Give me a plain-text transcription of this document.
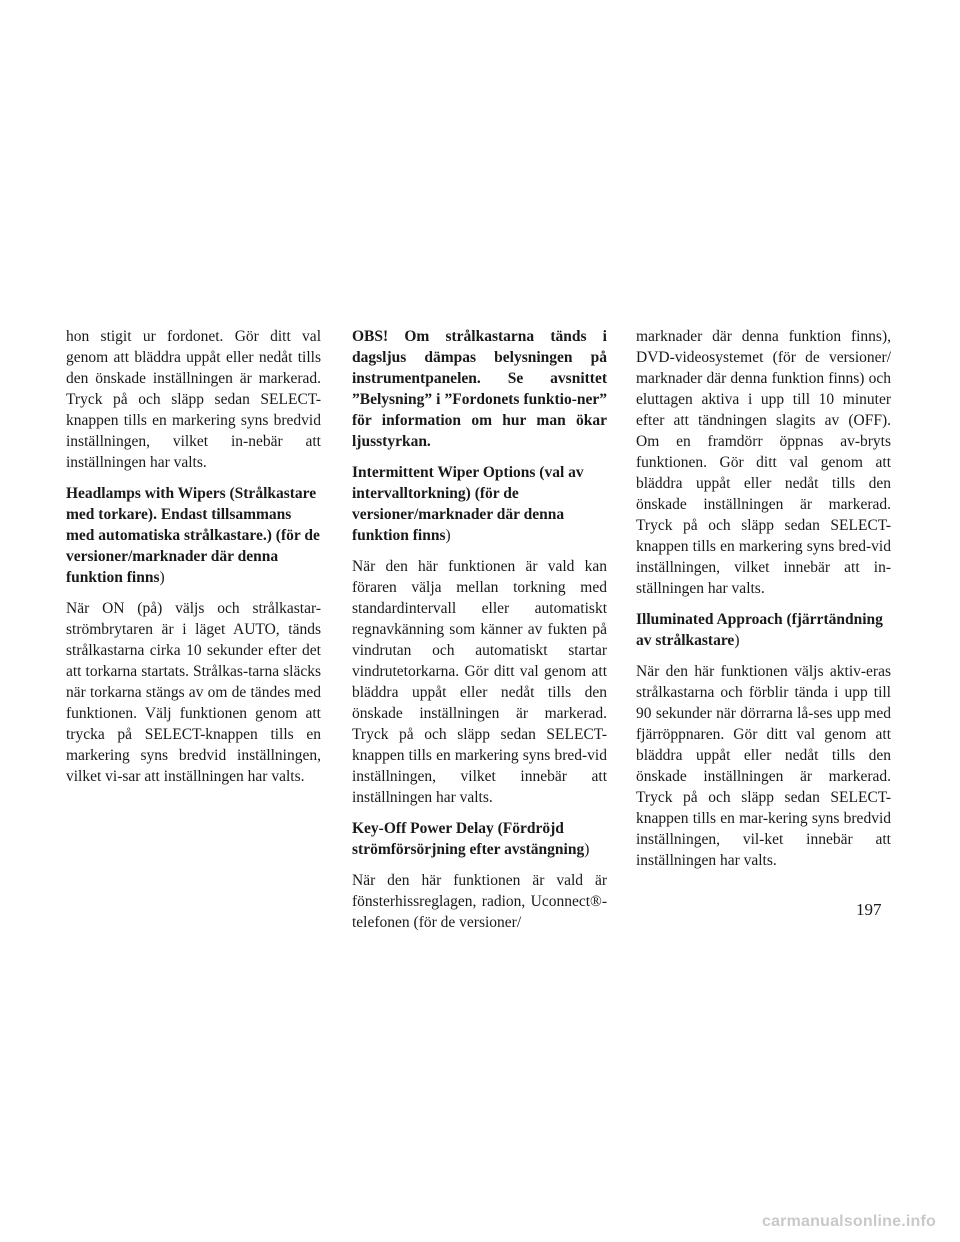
hon stigit ur fordonet. Gör ditt val genom att bläddra uppåt eller nedåt tills den önskade inställningen är markerad. Tryck på och släpp sedan SELECT-knappen tills en markering syns bredvid inställningen, vilket in-nebär att inställningen har valts.

Headlamps with Wipers (Strålkastare med torkare). Endast tillsammans med automatiska strålkastare.) (för de versioner/marknader där denna funktion finns)

När ON (på) väljs och strålkastar-strömbrytaren är i läget AUTO, tänds strålkastarna cirka 10 sekunder efter det att torkarna startats. Strålkas-tarna släcks när torkarna stängs av om de tändes med funktionen. Välj funktionen genom att trycka på SELECT-knappen tills en markering syns bredvid inställningen, vilket vi-sar att inställningen har valts.

OBS! Om strålkastarna tänds i dagsljus dämpas belysningen på instrumentpanelen. Se avsnittet ”Belysning” i ”Fordonets funktio-ner” för information om hur man ökar ljusstyrkan.

Intermittent Wiper Options (val av intervalltorkning) (för de versioner/marknader där denna funktion finns)

När den här funktionen är vald kan föraren välja mellan torkning med standardintervall eller automatiskt regnavkänning som känner av fukten på vindrutan och automatiskt startar vindrutetorkarna. Gör ditt val genom att bläddra uppåt eller nedåt tills den önskade inställningen är markerad. Tryck på och släpp sedan SELECT-knappen tills en markering syns bred-vid inställningen, vilket innebär att inställningen har valts.

Key-Off Power Delay (Fördröjd strömförsörjning efter avstängning)

När den här funktionen är vald är fönsterhissreglagen, radion, Uconnect®-telefonen (för de versioner/

marknader där denna funktion finns), DVD-videosystemet (för de versioner/ marknader där denna funktion finns) och eluttagen aktiva i upp till 10 minuter efter att tändningen slagits av (OFF). Om en framdörr öppnas av-bryts funktionen. Gör ditt val genom att bläddra uppåt eller nedåt tills den önskade inställningen är markerad. Tryck på och släpp sedan SELECT-knappen tills en markering syns bred-vid inställningen, vilket innebär att in-ställningen har valts.

Illuminated Approach (fjärrtändning av strålkastare)

När den här funktionen väljs aktiv-eras strålkastarna och förblir tända i upp till 90 sekunder när dörrarna lå-ses upp med fjärröppnaren. Gör ditt val genom att bläddra uppåt eller nedåt tills den önskade inställningen är markerad. Tryck på och släpp sedan SELECT-knappen tills en mar-kering syns bredvid inställningen, vil-ket innebär att inställningen har valts.

197
carmanualsonline.info
